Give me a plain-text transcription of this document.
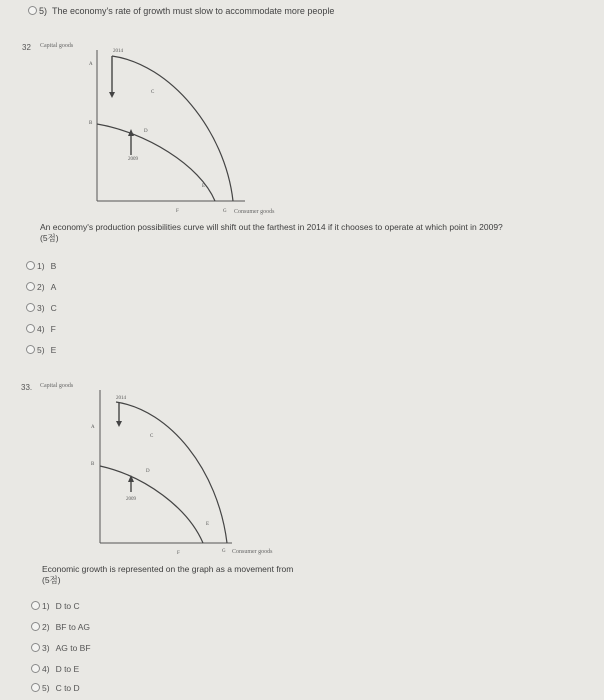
5) The economy's rate of growth must slow to accommodate more people
32 Capital goods
2014
A
B
C
D
2009
E
F	G Consumer goods
An economy's production possibilities curve will shift out the farthest in 2014 if it chooses to operate at which point in 2009?
(5점)
1) B
2) A
3) C
4) F
5) E
33. Capital goods
2014
A
B
C
D
2009
E
F	G Consumer goods
Economic growth is represented on the graph as a movement from
(5점)
1) D to C
2) BF to AG
3) AG to BF
4) D to E
5) C to D
